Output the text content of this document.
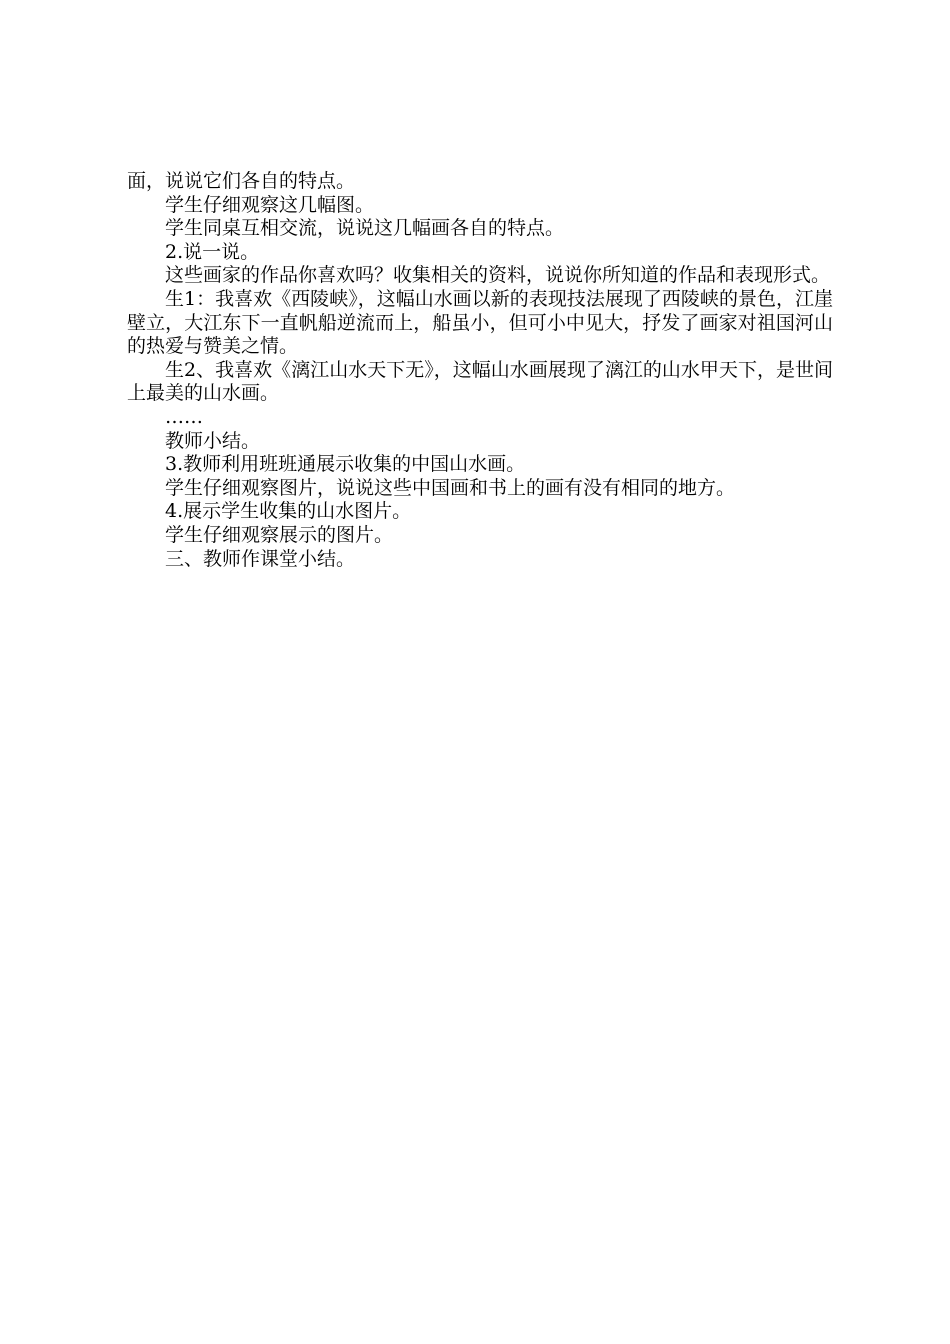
面，说说它们各自的特点。

学生仔细观察这几幅图。

学生同桌互相交流，说说这几幅画各自的特点。

2.说一说。

这些画家的作品你喜欢吗？收集相关的资料，说说你所知道的作品和表现形式。

生1：我喜欢《西陵峡》，这幅山水画以新的表现技法展现了西陵峡的景色，江崖壁立，大江东下一直帆船逆流而上，船虽小，但可小中见大，抒发了画家对祖国河山的热爱与赞美之情。

生2、我喜欢《漓江山水天下无》，这幅山水画展现了漓江的山水甲天下，是世间上最美的山水画。

……

教师小结。

3.教师利用班班通展示收集的中国山水画。

学生仔细观察图片，说说这些中国画和书上的画有没有相同的地方。

4.展示学生收集的山水图片。

学生仔细观察展示的图片。

三、教师作课堂小结。
